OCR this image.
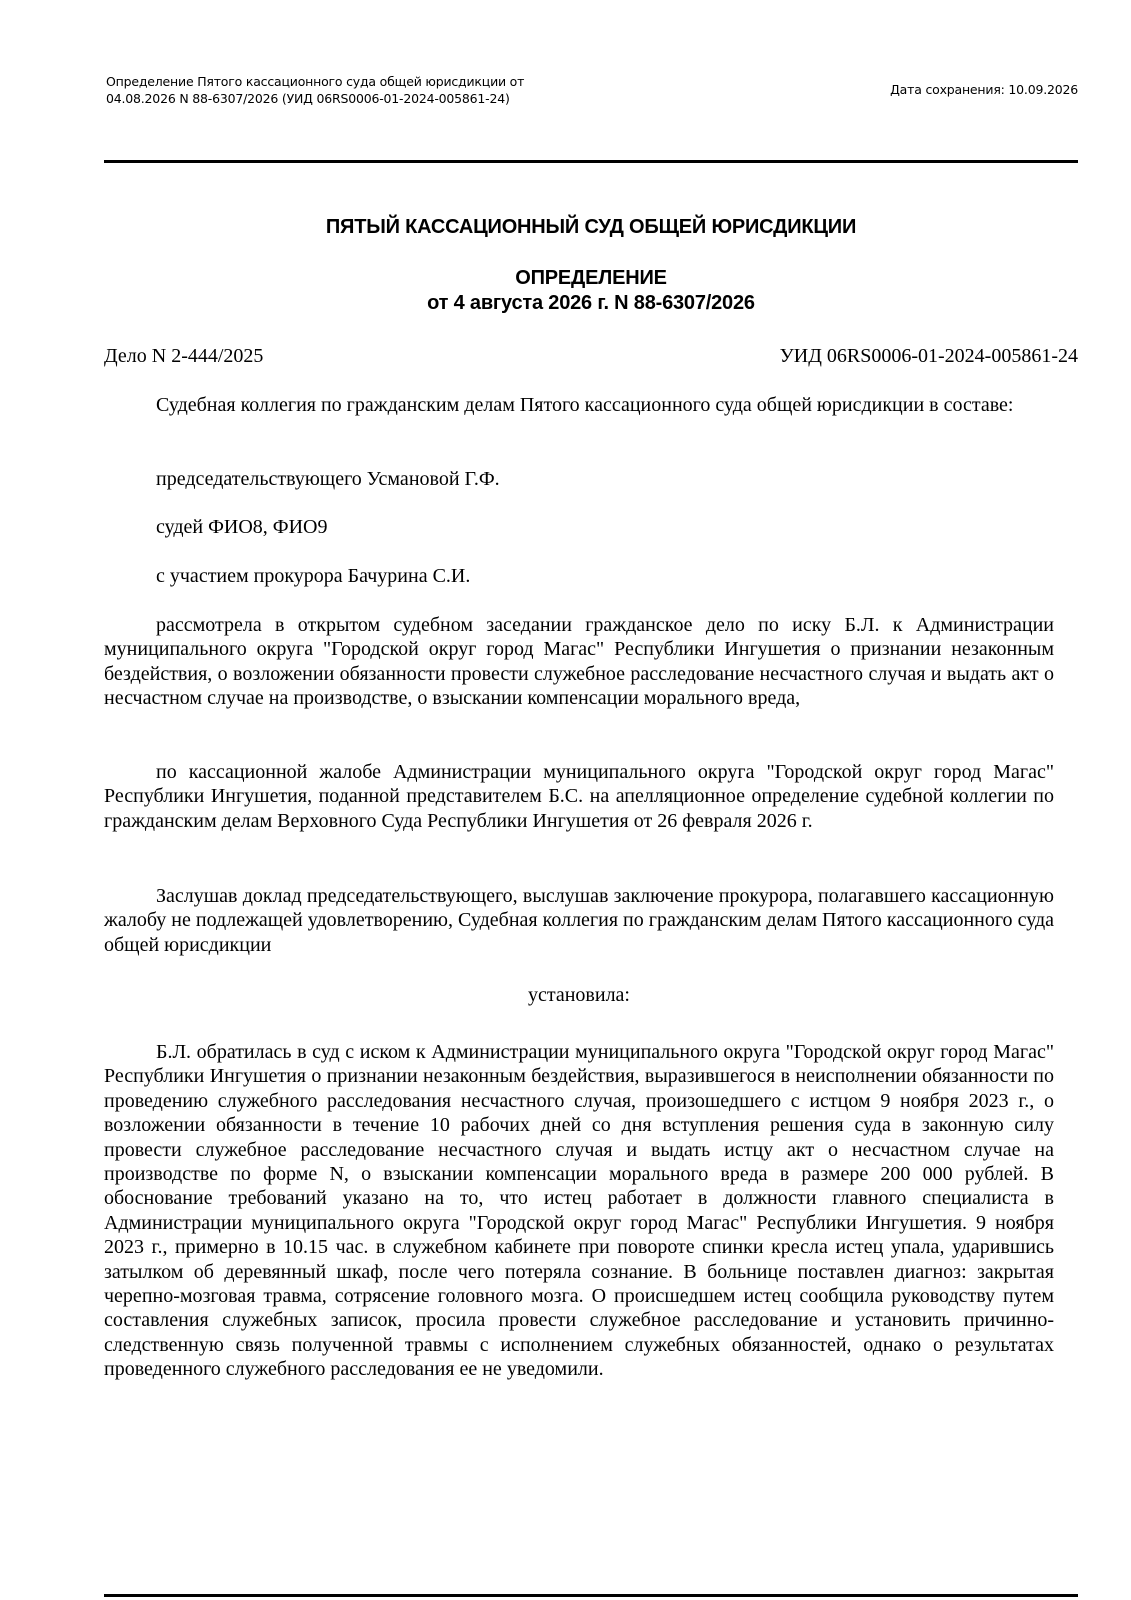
Определение Пятого кассационного суда общей юрисдикции от
04.08.2026 N 88-6307/2026 (УИД 06RS0006-01-2024-005861-24)
Дата сохранения: 10.09.2026
ПЯТЫЙ КАССАЦИОННЫЙ СУД ОБЩЕЙ ЮРИСДИКЦИИ
ОПРЕДЕЛЕНИЕ
от 4 августа 2026 г. N 88-6307/2026
Дело N 2-444/2025	УИД 06RS0006-01-2024-005861-24

Судебная коллегия по гражданским делам Пятого кассационного суда общей юрисдикции в составе:

председательствующего Усмановой Г.Ф.

судей ФИО8, ФИО9

с участием прокурора Бачурина С.И.

рассмотрела в открытом судебном заседании гражданское дело по иску Б.Л. к Администрации муниципального округа "Городской округ город Магас" Республики Ингушетия о признании незаконным бездействия, о возложении обязанности провести служебное расследование несчастного случая и выдать акт о несчастном случае на производстве, о взыскании компенсации морального вреда,

по кассационной жалобе Администрации муниципального округа "Городской округ город Магас" Республики Ингушетия, поданной представителем Б.С. на апелляционное определение судебной коллегии по гражданским делам Верховного Суда Республики Ингушетия от 26 февраля 2026 г.

Заслушав доклад председательствующего, выслушав заключение прокурора, полагавшего кассационную жалобу не подлежащей удовлетворению, Судебная коллегия по гражданским делам Пятого кассационного суда общей юрисдикции

установила:

Б.Л. обратилась в суд с иском к Администрации муниципального округа "Городской округ город Магас" Республики Ингушетия о признании незаконным бездействия, выразившегося в неисполнении обязанности по проведению служебного расследования несчастного случая, произошедшего с истцом 9 ноября 2023 г., о возложении обязанности в течение 10 рабочих дней со дня вступления решения суда в законную силу провести служебное расследование несчастного случая и выдать истцу акт о несчастном случае на производстве по форме N, о взыскании компенсации морального вреда в размере 200 000 рублей. В обоснование требований указано на то, что истец работает в должности главного специалиста в Администрации муниципального округа "Городской округ город Магас" Республики Ингушетия. 9 ноября 2023 г., примерно в 10.15 час. в служебном кабинете при повороте спинки кресла истец упала, ударившись затылком об деревянный шкаф, после чего потеряла сознание. В больнице поставлен диагноз: закрытая черепно-мозговая травма, сотрясение головного мозга. О происшедшем истец сообщила руководству путем составления служебных записок, просила провести служебное расследование и установить причинно-следственную связь полученной травмы с исполнением служебных обязанностей, однако о результатах проведенного служебного расследования ее не уведомили.
